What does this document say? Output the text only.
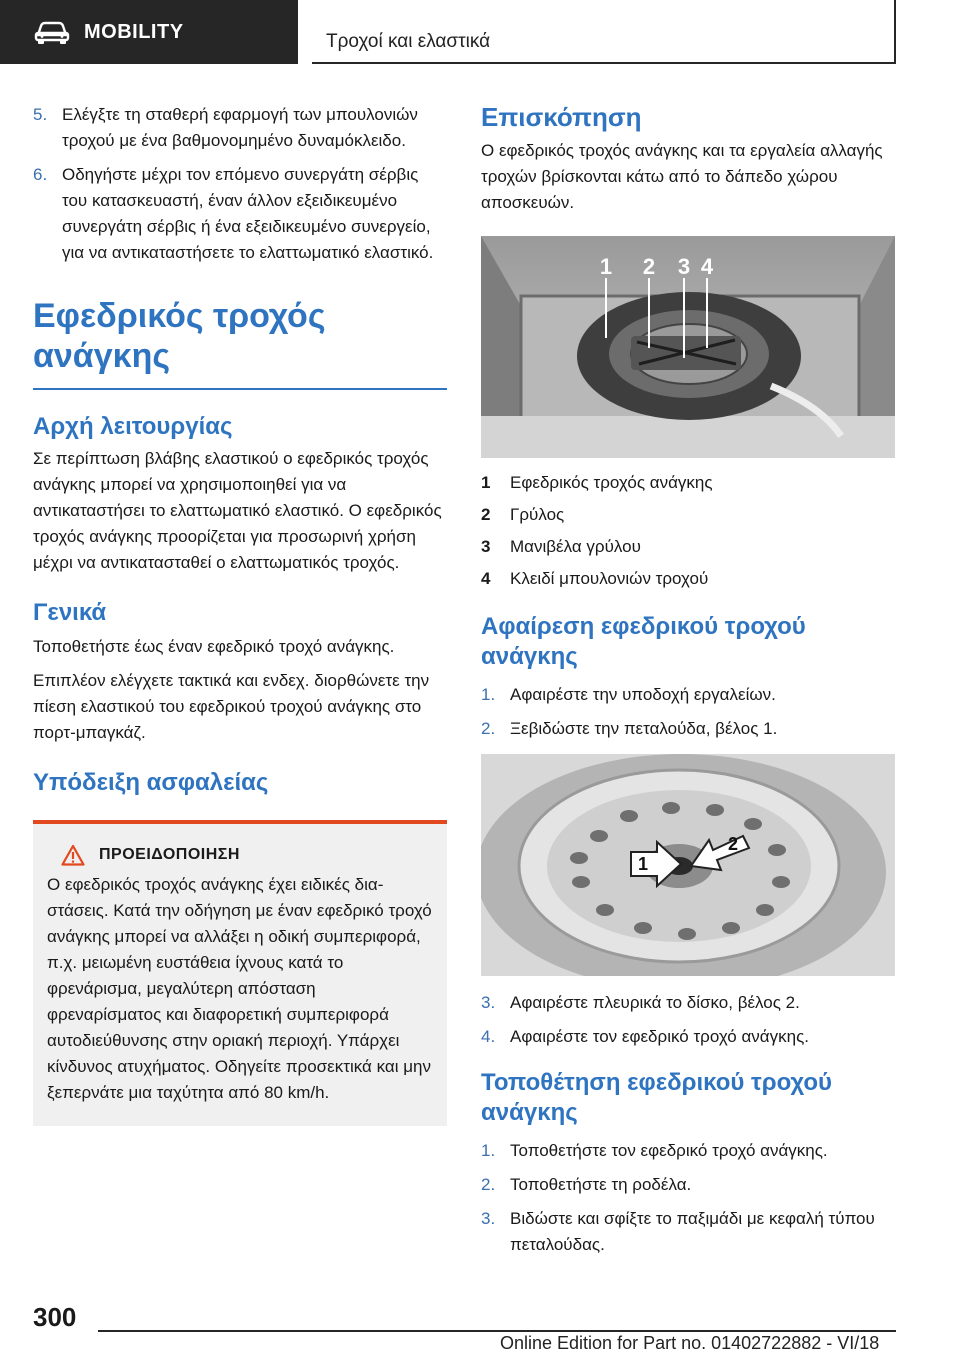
MOBILITY	Τροχοί και ελαστικά
5. Ελέγξτε τη σταθερή εφαρμογή των μπουλονιών τροχού με ένα βαθμονομημένο δυναμόκλειδο.
6. Οδηγήστε μέχρι τον επόμενο συνεργάτη σέρβις του κατασκευαστή, έναν άλλον εξειδικευμένο συνεργάτη σέρβις ή ένα εξειδικευμένο συνεργείο, για να αντικαταστήσετε το ελαττωματικό ελαστικό.
Εφεδρικός τροχός
ανάγκης
Αρχή λειτουργίας
Σε περίπτωση βλάβης ελαστικού ο εφεδρικός τροχός ανάγκης μπορεί να χρησιμοποιηθεί για να αντικαταστήσει το ελαττωματικό ελαστικό. Ο εφεδρικός τροχός ανάγκης προορίζεται για προσωρινή χρήση μέχρι να αντικατασταθεί ο ελαττωματικός τροχός.
Γενικά
Τοποθετήστε έως έναν εφεδρικό τροχό ανάγκης.
Επιπλέον ελέγχετε τακτικά και ενδεχ. διορθώνετε την πίεση ελαστικού του εφεδρικού τροχού ανάγκης στο πορτ-μπαγκάζ.
Υπόδειξη ασφαλείας
ΠΡΟΕΙΔΟΠΟΙΗΣΗ
Ο εφεδρικός τροχός ανάγκης έχει ειδικές διαστάσεις. Κατά την οδήγηση με έναν εφεδρικό τροχό ανάγκης μπορεί να αλλάξει η οδική συμπεριφορά, π.χ. μειωμένη ευστάθεια ίχνους κατά το φρενάρισμα, μεγαλύτερη απόσταση φρεναρίσματος και διαφορετική συμπεριφορά αυτοδιεύθυνσης στην οριακή περιοχή. Υπάρχει κίνδυνος ατυχήματος. Οδηγείτε προσεκτικά και μην ξεπερνάτε μια ταχύτητα από 80 km/h.
Επισκόπηση
Ο εφεδρικός τροχός ανάγκης και τα εργαλεία αλλαγής τροχών βρίσκονται κάτω από το δάπεδο χώρου αποσκευών.
1 2 3 4
1	Εφεδρικός τροχός ανάγκης
2	Γρύλος
3	Μανιβέλα γρύλου
4	Κλειδί μπουλονιών τροχού
Αφαίρεση εφεδρικού τροχού
ανάγκης
1. Αφαιρέστε την υποδοχή εργαλείων.
2. Ξεβιδώστε την πεταλούδα, βέλος 1.
1
2
3. Αφαιρέστε πλευρικά το δίσκο, βέλος 2.
4. Αφαιρέστε τον εφεδρικό τροχό ανάγκης.
Τοποθέτηση εφεδρικού τροχού
ανάγκης
1. Τοποθετήστε τον εφεδρικό τροχό ανάγκης.
2. Τοποθετήστε τη ροδέλα.
3. Βιδώστε και σφίξτε το παξιμάδι με κεφαλή τύπου πεταλούδας.
300
Online Edition for Part no. 01402722882 - VI/18
